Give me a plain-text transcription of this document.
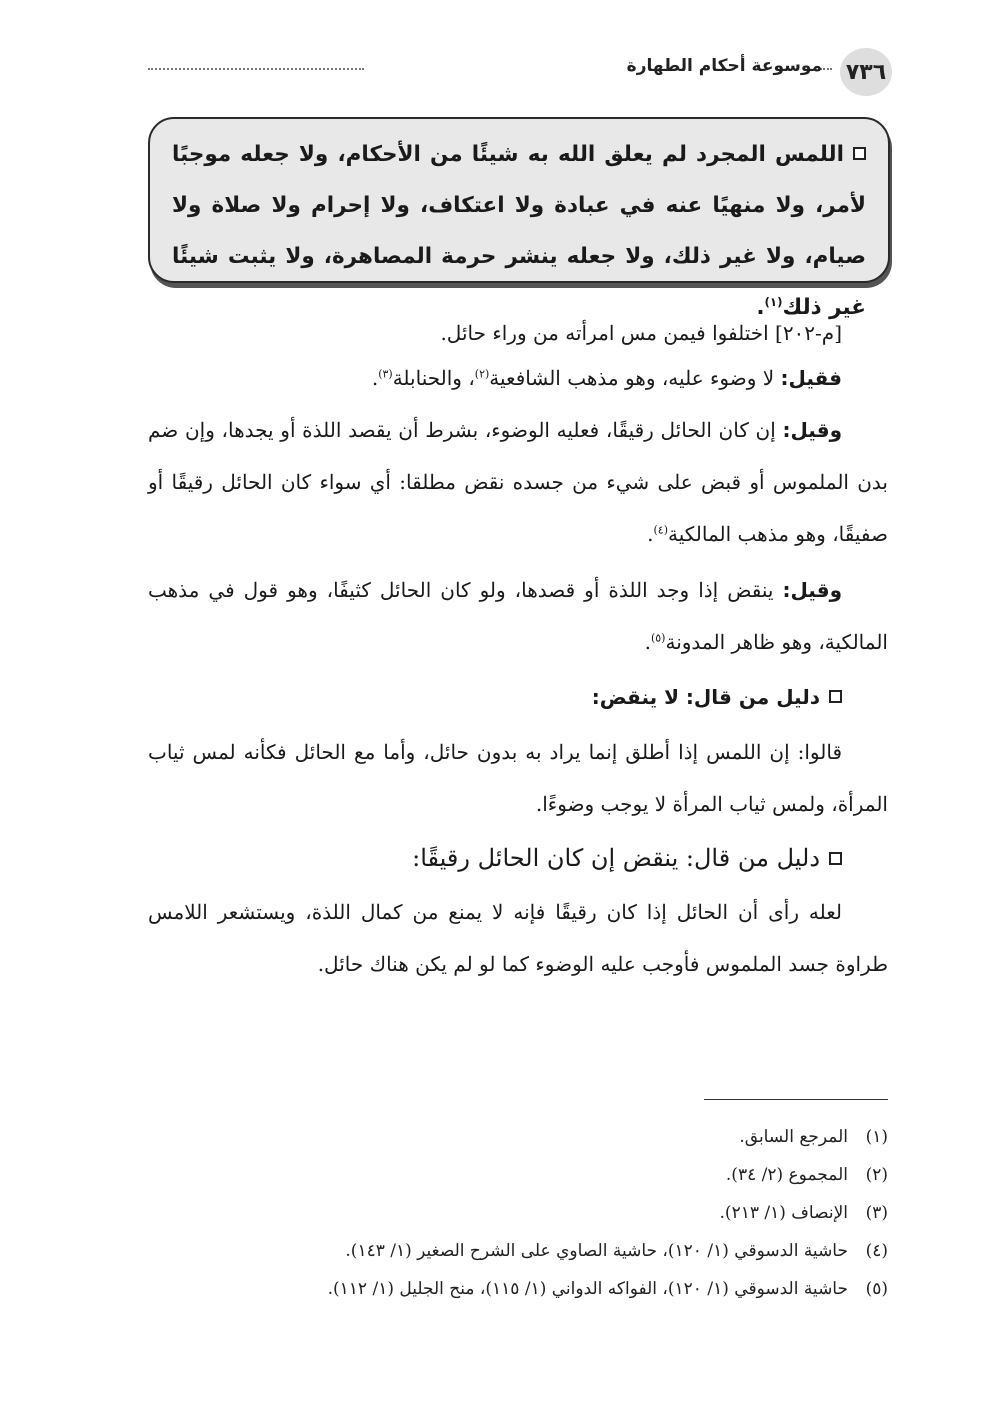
٧٣٦
موسوعة أحكام الطهارة
اللمس المجرد لم يعلق الله به شيئًا من الأحكام، ولا جعله موجبًا لأمر، ولا منهيًا عنه في عبادة ولا اعتكاف، ولا إحرام ولا صلاة ولا صيام، ولا غير ذلك، ولا جعله ينشر حرمة المصاهرة، ولا يثبت شيئًا غير ذلك$^{(١)}$.

[م-٢٠٢] اختلفوا فيمن مس امرأته من وراء حائل.

فقيل: لا وضوء عليه، وهو مذهب الشافعية$^{(٢)}$، والحنابلة$^{(٣)}$.

وقيل: إن كان الحائل رقيقًا، فعليه الوضوء، بشرط أن يقصد اللذة أو يجدها، وإن ضم بدن الملموس أو قبض على شيء من جسده نقض مطلقا: أي سواء كان الحائل رقيقًا أو صفيقًا، وهو مذهب المالكية$^{(٤)}$.

وقيل: ينقض إذا وجد اللذة أو قصدها، ولو كان الحائل كثيفًا، وهو قول في مذهب المالكية، وهو ظاهر المدونة$^{(٥)}$.

دليل من قال: لا ينقض:

قالوا: إن اللمس إذا أطلق إنما يراد به بدون حائل، وأما مع الحائل فكأنه لمس ثياب المرأة، ولمس ثياب المرأة لا يوجب وضوءًا.

دليل من قال: ينقض إن كان الحائل رقيقًا:

لعله رأى أن الحائل إذا كان رقيقًا فإنه لا يمنع من كمال اللذة، ويستشعر اللامس طراوة جسد الملموس فأوجب عليه الوضوء كما لو لم يكن هناك حائل.

(١)المرجع السابق.
(٢)المجموع (٢/ ٣٤).
(٣)الإنصاف (١/ ٢١٣).
(٤)حاشية الدسوقي (١/ ١٢٠)، حاشية الصاوي على الشرح الصغير (١/ ١٤٣).
(٥)حاشية الدسوقي (١/ ١٢٠)، الفواكه الدواني (١/ ١١٥)، منح الجليل (١/ ١١٢).
